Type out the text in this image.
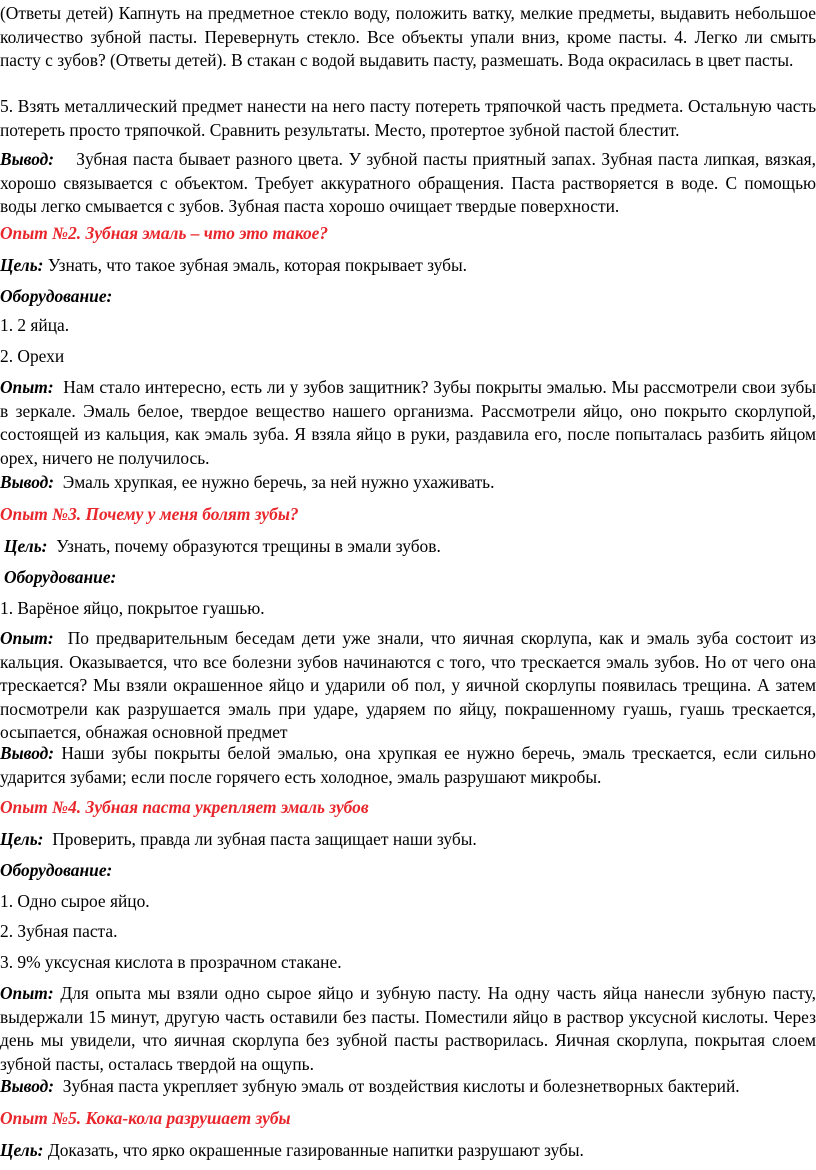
(Ответы детей) Капнуть на предметное стекло воду, положить ватку, мелкие предметы, выдавить небольшое количество зубной пасты. Перевернуть стекло. Все объекты упали вниз, кроме пасты. 4. Легко ли смыть пасту с зубов? (Ответы детей). В стакан с водой выдавить пасту, размешать. Вода окрасилась в цвет пасты.

5. Взять металлический предмет нанести на него пасту потереть тряпочкой часть предмета. Остальную часть потереть просто тряпочкой. Сравнить результаты. Место, протертое зубной пастой блестит.

Вывод: Зубная паста бывает разного цвета. У зубной пасты приятный запах. Зубная паста липкая, вязкая, хорошо связывается с объектом. Требует аккуратного обращения. Паста растворяется в воде. С помощью воды легко смывается с зубов. Зубная паста хорошо очищает твердые поверхности.

Опыт №2. Зубная эмаль – что это такое?

Цель: Узнать, что такое зубная эмаль, которая покрывает зубы.

Оборудование:

1. 2 яйца.

2. Орехи

Опыт: Нам стало интересно, есть ли у зубов защитник? Зубы покрыты эмалью. Мы рассмотрели свои зубы в зеркале. Эмаль белое, твердое вещество нашего организма. Рассмотрели яйцо, оно покрыто скорлупой, состоящей из кальция, как эмаль зуба. Я взяла яйцо в руки, раздавила его, после попыталась разбить яйцом орех, ничего не получилось.

Вывод: Эмаль хрупкая, ее нужно беречь, за ней нужно ухаживать.

Опыт №3. Почему у меня болят зубы?

Цель: Узнать, почему образуются трещины в эмали зубов.

Оборудование:

1. Варёное яйцо, покрытое гуашью.

Опыт: По предварительным беседам дети уже знали, что яичная скорлупа, как и эмаль зуба состоит из кальция. Оказывается, что все болезни зубов начинаются с того, что трескается эмаль зубов. Но от чего она трескается? Мы взяли окрашенное яйцо и ударили об пол, у яичной скорлупы появилась трещина. А затем посмотрели как разрушается эмаль при ударе, ударяем по яйцу, покрашенному гуашь, гуашь трескается, осыпается, обнажая основной предмет

Вывод: Наши зубы покрыты белой эмалью, она хрупкая ее нужно беречь, эмаль трескается, если сильно ударится зубами; если после горячего есть холодное, эмаль разрушают микробы.

Опыт №4. Зубная паста укрепляет эмаль зубов

Цель: Проверить, правда ли зубная паста защищает наши зубы.

Оборудование:

1. Одно сырое яйцо.

2. Зубная паста.

3. 9% уксусная кислота в прозрачном стакане.

Опыт: Для опыта мы взяли одно сырое яйцо и зубную пасту. На одну часть яйца нанесли зубную пасту, выдержали 15 минут, другую часть оставили без пасты. Поместили яйцо в раствор уксусной кислоты. Через день мы увидели, что яичная скорлупа без зубной пасты растворилась. Яичная скорлупа, покрытая слоем зубной пасты, осталась твердой на ощупь.

Вывод: Зубная паста укрепляет зубную эмаль от воздействия кислоты и болезнетворных бактерий.

Опыт №5. Кока-кола разрушает зубы

Цель: Доказать, что ярко окрашенные газированные напитки разрушают зубы.
